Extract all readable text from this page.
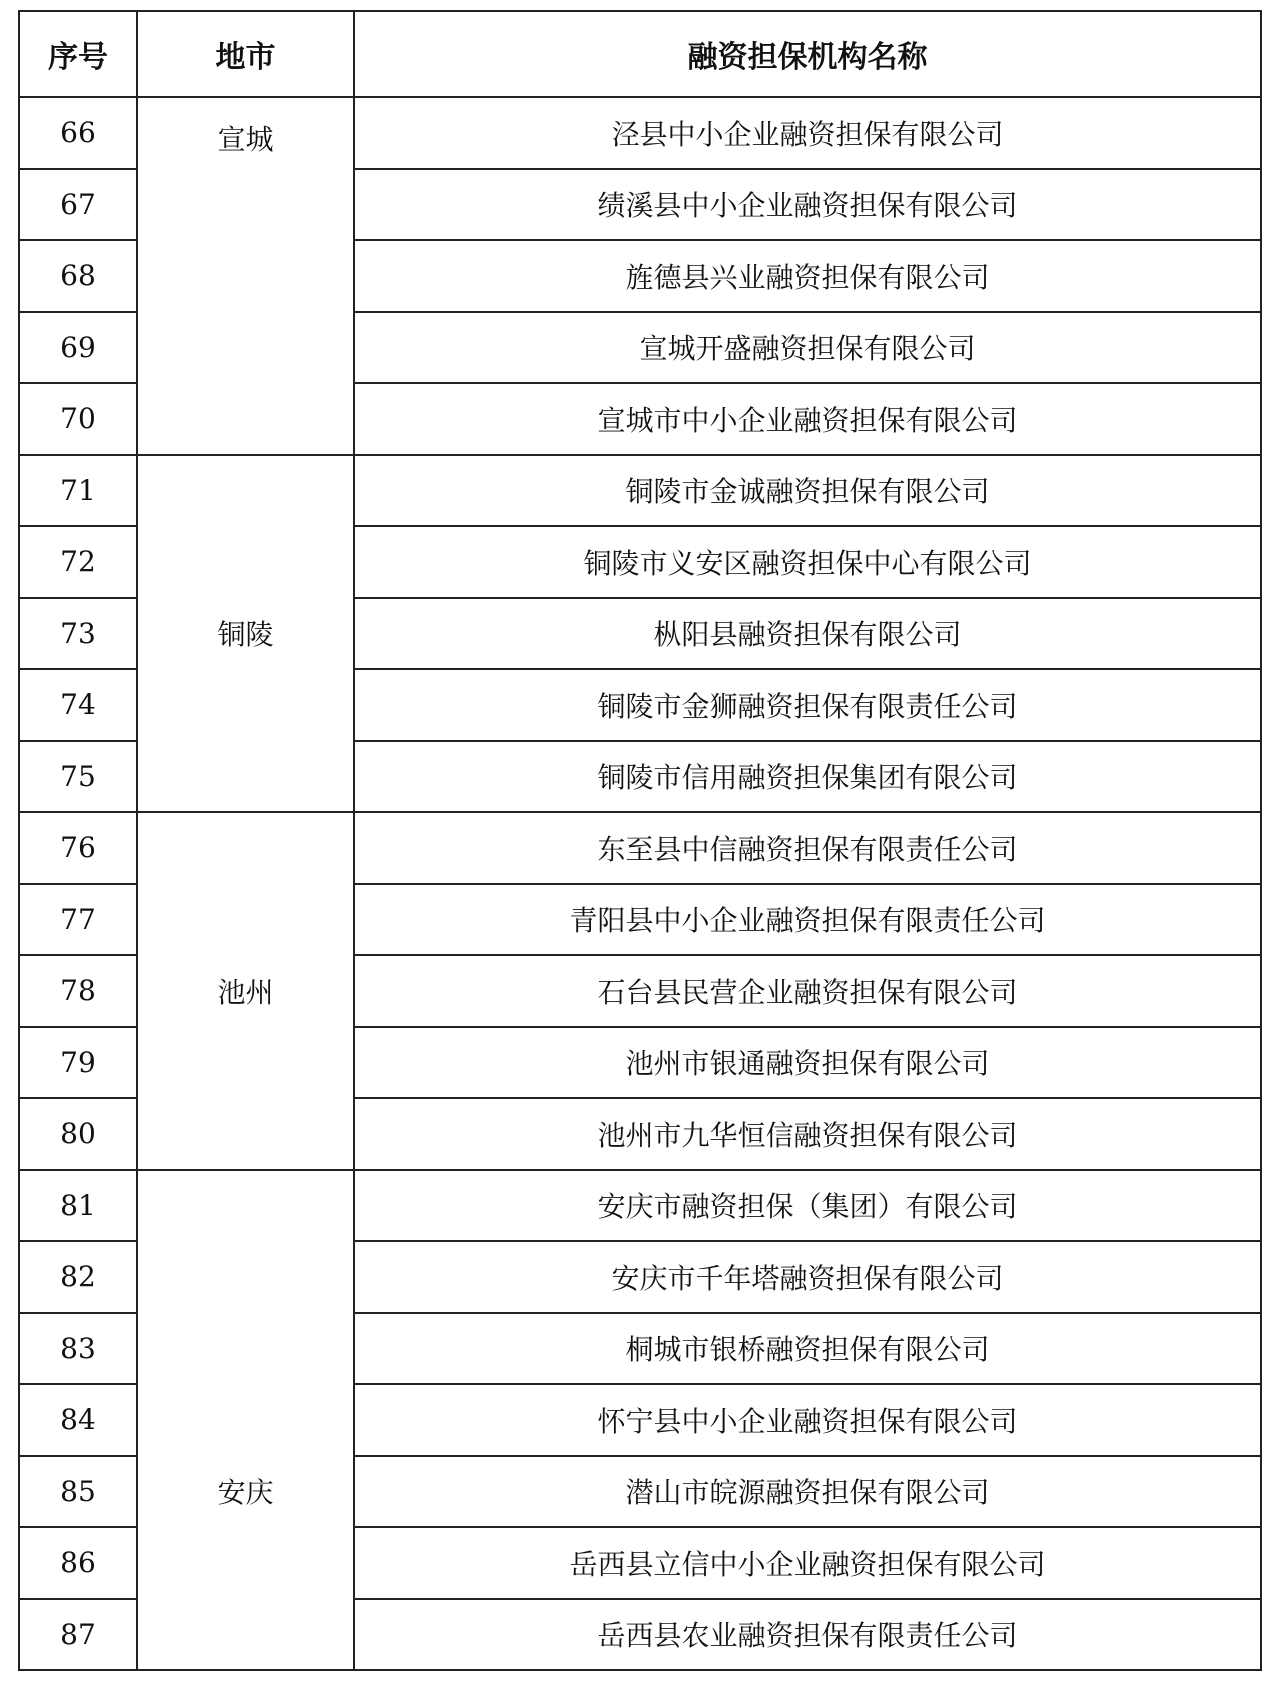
序号	地市	融资担保机构名称
66	宣城	泾县中小企业融资担保有限公司
67		绩溪县中小企业融资担保有限公司
68		旌德县兴业融资担保有限公司
69		宣城开盛融资担保有限公司
70		宣城市中小企业融资担保有限公司
71	铜陵	铜陵市金诚融资担保有限公司
72		铜陵市义安区融资担保中心有限公司
73		枞阳县融资担保有限公司
74		铜陵市金狮融资担保有限责任公司
75		铜陵市信用融资担保集团有限公司
76	池州	东至县中信融资担保有限责任公司
77		青阳县中小企业融资担保有限责任公司
78		石台县民营企业融资担保有限公司
79		池州市银通融资担保有限公司
80		池州市九华恒信融资担保有限公司
81	安庆	安庆市融资担保（集团）有限公司
82		安庆市千年塔融资担保有限公司
83		桐城市银桥融资担保有限公司
84		怀宁县中小企业融资担保有限公司
85		潜山市皖源融资担保有限公司
86		岳西县立信中小企业融资担保有限公司
87		岳西县农业融资担保有限责任公司
